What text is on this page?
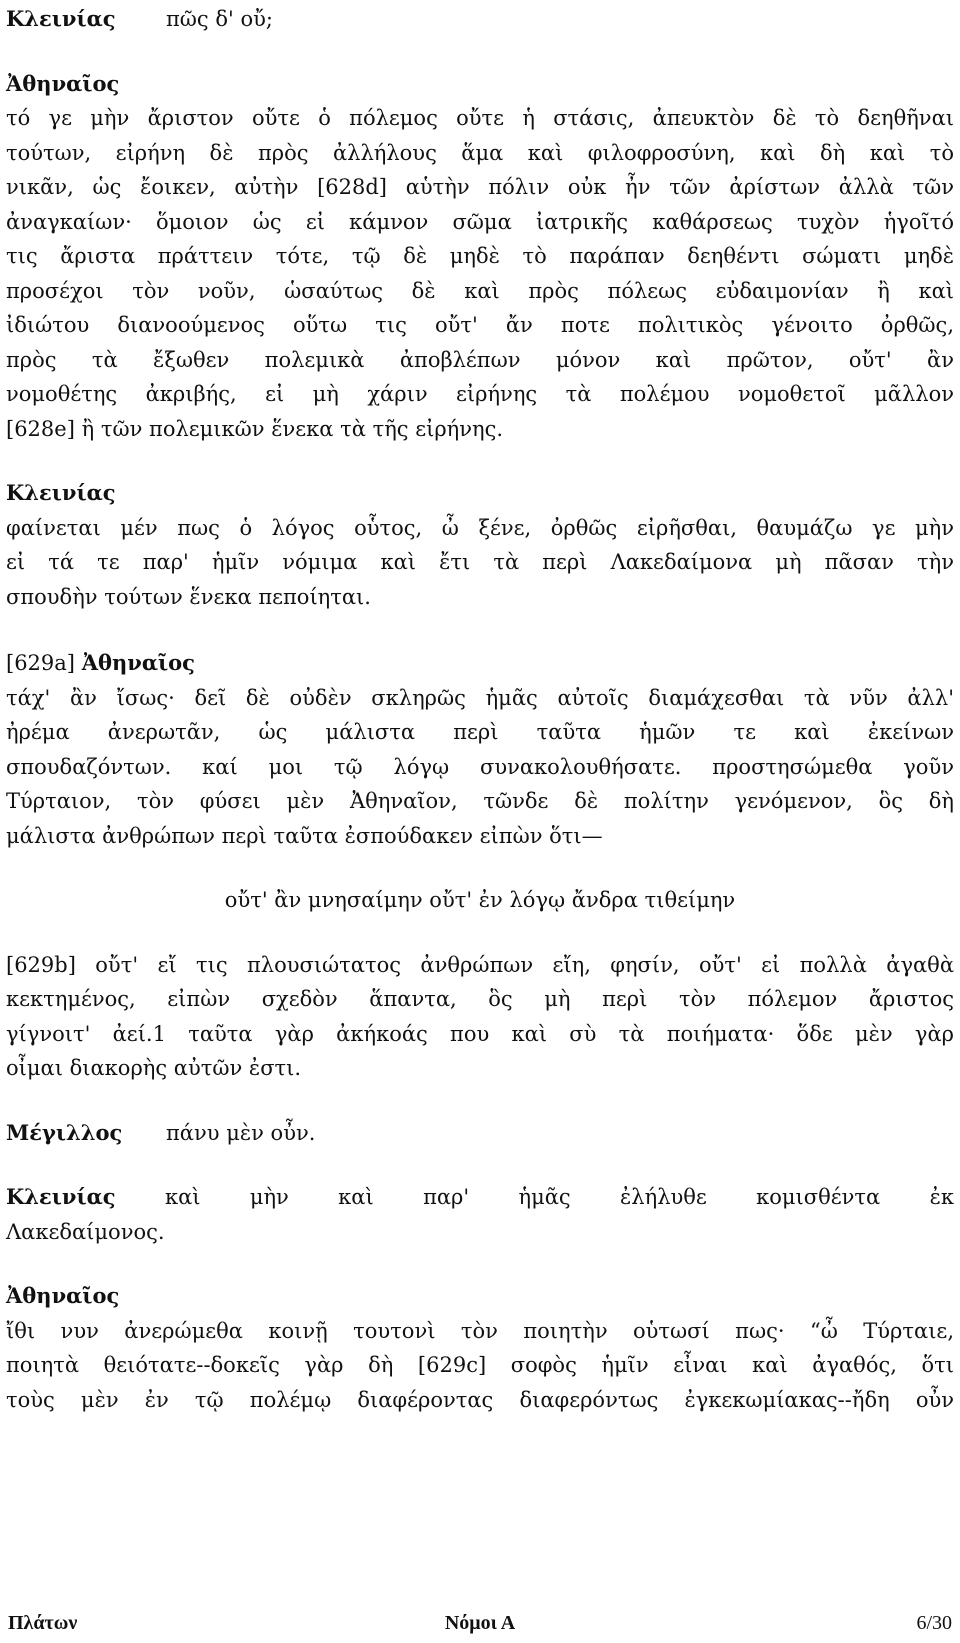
Κλεινίας πῶς δ' οὔ;

Ἀθηναῖος

τό γε μὴν ἄριστον οὔτε ὁ πόλεμος οὔτε ἡ στάσις, ἀπευκτὸν δὲ τὸ δεηθῆναι

τούτων, εἰρήνη δὲ πρὸς ἀλλήλους ἅμα καὶ φιλοφροσύνη, καὶ δὴ καὶ τὸ

νικᾶν, ὡς ἔοικεν, αὐτὴν [628d] αὑτὴν πόλιν οὐκ ἦν τῶν ἀρίστων ἀλλὰ τῶν

ἀναγκαίων· ὅμοιον ὡς εἰ κάμνον σῶμα ἰατρικῆς καθάρσεως τυχὸν ἡγοῖτό

τις ἄριστα πράττειν τότε, τῷ δὲ μηδὲ τὸ παράπαν δεηθέντι σώματι μηδὲ

προσέχοι τὸν νοῦν, ὡσαύτως δὲ καὶ πρὸς πόλεως εὐδαιμονίαν ἢ καὶ

ἰδιώτου διανοούμενος οὕτω τις οὔτ' ἄν ποτε πολιτικὸς γένοιτο ὀρθῶς,

πρὸς τὰ ἔξωθεν πολεμικὰ ἀποβλέπων μόνον καὶ πρῶτον, οὔτ' ἂν

νομοθέτης ἀκριβής, εἰ μὴ χάριν εἰρήνης τὰ πολέμου νομοθετοῖ μᾶλλον

[628e] ἢ τῶν πολεμικῶν ἕνεκα τὰ τῆς εἰρήνης.

Κλεινίας

φαίνεται μέν πως ὁ λόγος οὗτος, ὦ ξένε, ὀρθῶς εἰρῆσθαι, θαυμάζω γε μὴν

εἰ τά τε παρ' ἡμῖν νόμιμα καὶ ἔτι τὰ περὶ Λακεδαίμονα μὴ πᾶσαν τὴν

σπουδὴν τούτων ἕνεκα πεποίηται.

[629a] Ἀθηναῖος

τάχ' ἂν ἴσως· δεῖ δὲ οὐδὲν σκληρῶς ἡμᾶς αὐτοῖς διαμάχεσθαι τὰ νῦν ἀλλ'

ἠρέμα ἀνερωτᾶν, ὡς μάλιστα περὶ ταῦτα ἡμῶν τε καὶ ἐκείνων

σπουδαζόντων. καί μοι τῷ λόγῳ συνακολουθήσατε. προστησώμεθα γοῦν

Τύρταιον, τὸν φύσει μὲν Ἀθηναῖον, τῶνδε δὲ πολίτην γενόμενον, ὃς δὴ

μάλιστα ἀνθρώπων περὶ ταῦτα ἐσπούδακεν εἰπὼν ὅτι—

οὔτ' ἂν μνησαίμην οὔτ' ἐν λόγῳ ἄνδρα τιθείμην

[629b] οὔτ' εἴ τις πλουσιώτατος ἀνθρώπων εἴη, φησίν, οὔτ' εἰ πολλὰ ἀγαθὰ

κεκτημένος, εἰπὼν σχεδὸν ἅπαντα, ὃς μὴ περὶ τὸν πόλεμον ἄριστος

γίγνοιτ' ἀεί.1 ταῦτα γὰρ ἀκήκοάς που καὶ σὺ τὰ ποιήματα· ὅδε μὲν γὰρ

οἶμαι διακορὴς αὐτῶν ἐστι.

Μέγιλλος πάνυ μὲν οὖν.

Κλεινίας καὶ μὴν καὶ παρ' ἡμᾶς ἐλήλυθε κομισθέντα ἐκ

Λακεδαίμονος.

Ἀθηναῖος

ἴθι νυν ἀνερώμεθα κοινῇ τουτονὶ τὸν ποιητὴν οὑτωσί πως· “ὦ Τύρταιε,

ποιητὰ θειότατε--δοκεῖς γὰρ δὴ [629c] σοφὸς ἡμῖν εἶναι καὶ ἀγαθός, ὅτι

τοὺς μὲν ἐν τῷ πολέμῳ διαφέροντας διαφερόντως ἐγκεκωμίακας--ἤδη οὖν

Πλάτων	Νόμοι Α	6/30
